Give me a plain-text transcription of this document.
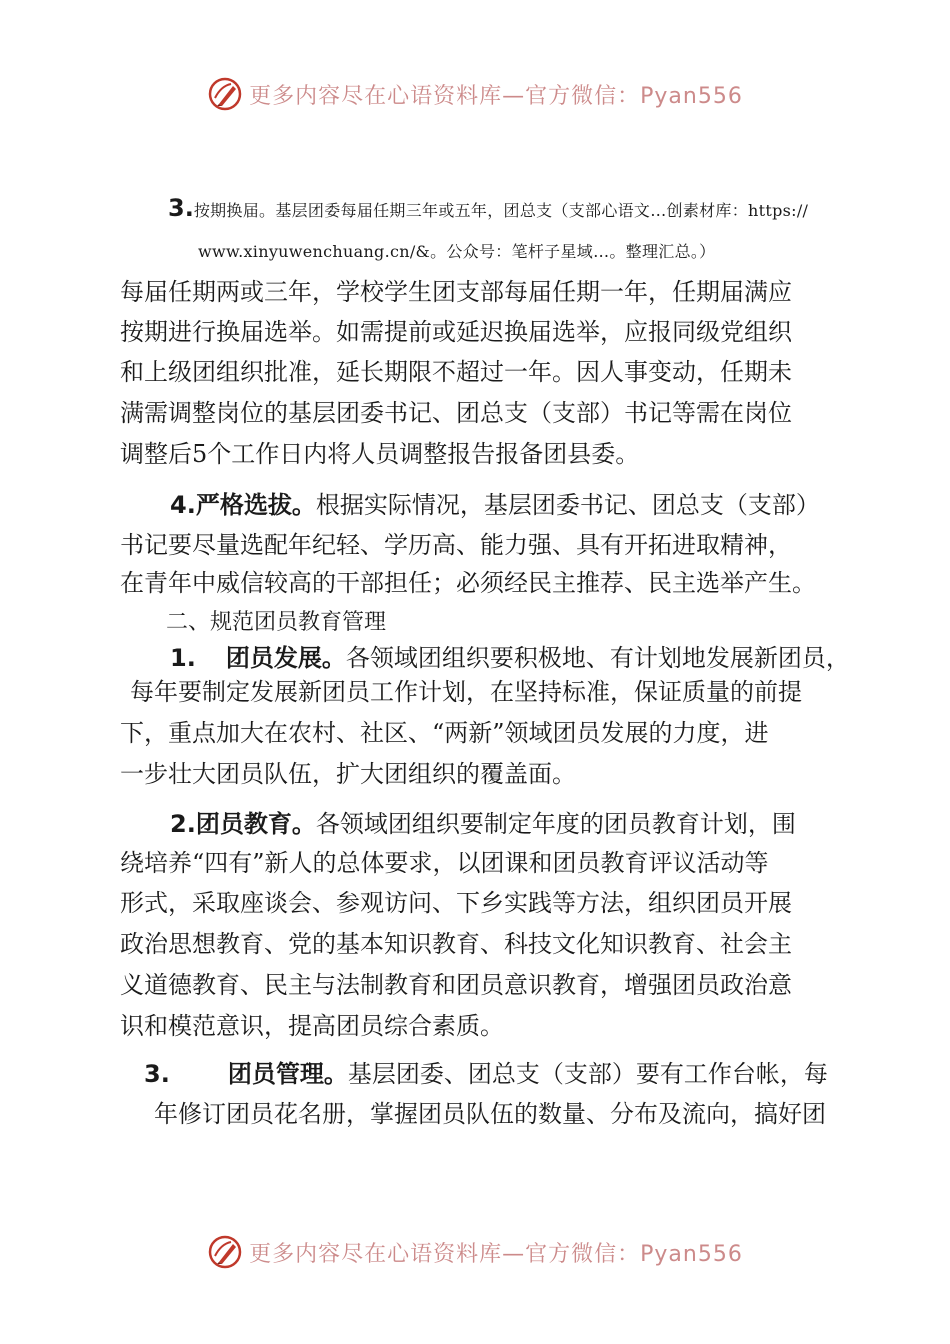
更多内容尽在心语资料库—官方微信：Pyan556
3.按期换届。基层团委每届任期三年或五年，团总支（支部心语文…创素材库：https://
www.xinyuwenchuang.cn/&。公众号：笔杆子星域…。整理汇总。）
每届任期两或三年，学校学生团支部每届任期一年，任期届满应
按期进行换届选举。如需提前或延迟换届选举，应报同级党组织
和上级团组织批准，延长期限不超过一年。因人事变动，任期未
满需调整岗位的基层团委书记、团总支（支部）书记等需在岗位
调整后5个工作日内将人员调整报告报备团县委。
4.严格选拔。根据实际情况，基层团委书记、团总支（支部）
书记要尽量选配年纪轻、学历高、能力强、具有开拓进取精神，
在青年中威信较高的干部担任；必须经民主推荐、民主选举产生。
二、规范团员教育管理
1. 团员发展。各领域团组织要积极地、有计划地发展新团员，
每年要制定发展新团员工作计划，在坚持标准，保证质量的前提
下，重点加大在农村、社区、“两新”领域团员发展的力度，进
一步壮大团员队伍，扩大团组织的覆盖面。
2.团员教育。各领域团组织要制定年度的团员教育计划，围
绕培养“四有”新人的总体要求，以团课和团员教育评议活动等
形式，采取座谈会、参观访问、下乡实践等方法，组织团员开展
政治思想教育、党的基本知识教育、科技文化知识教育、社会主
义道德教育、民主与法制教育和团员意识教育，增强团员政治意
识和模范意识，提高团员综合素质。
3. 团员管理。基层团委、团总支（支部）要有工作台帐，每
年修订团员花名册，掌握团员队伍的数量、分布及流向，搞好团
更多内容尽在心语资料库—官方微信：Pyan556
